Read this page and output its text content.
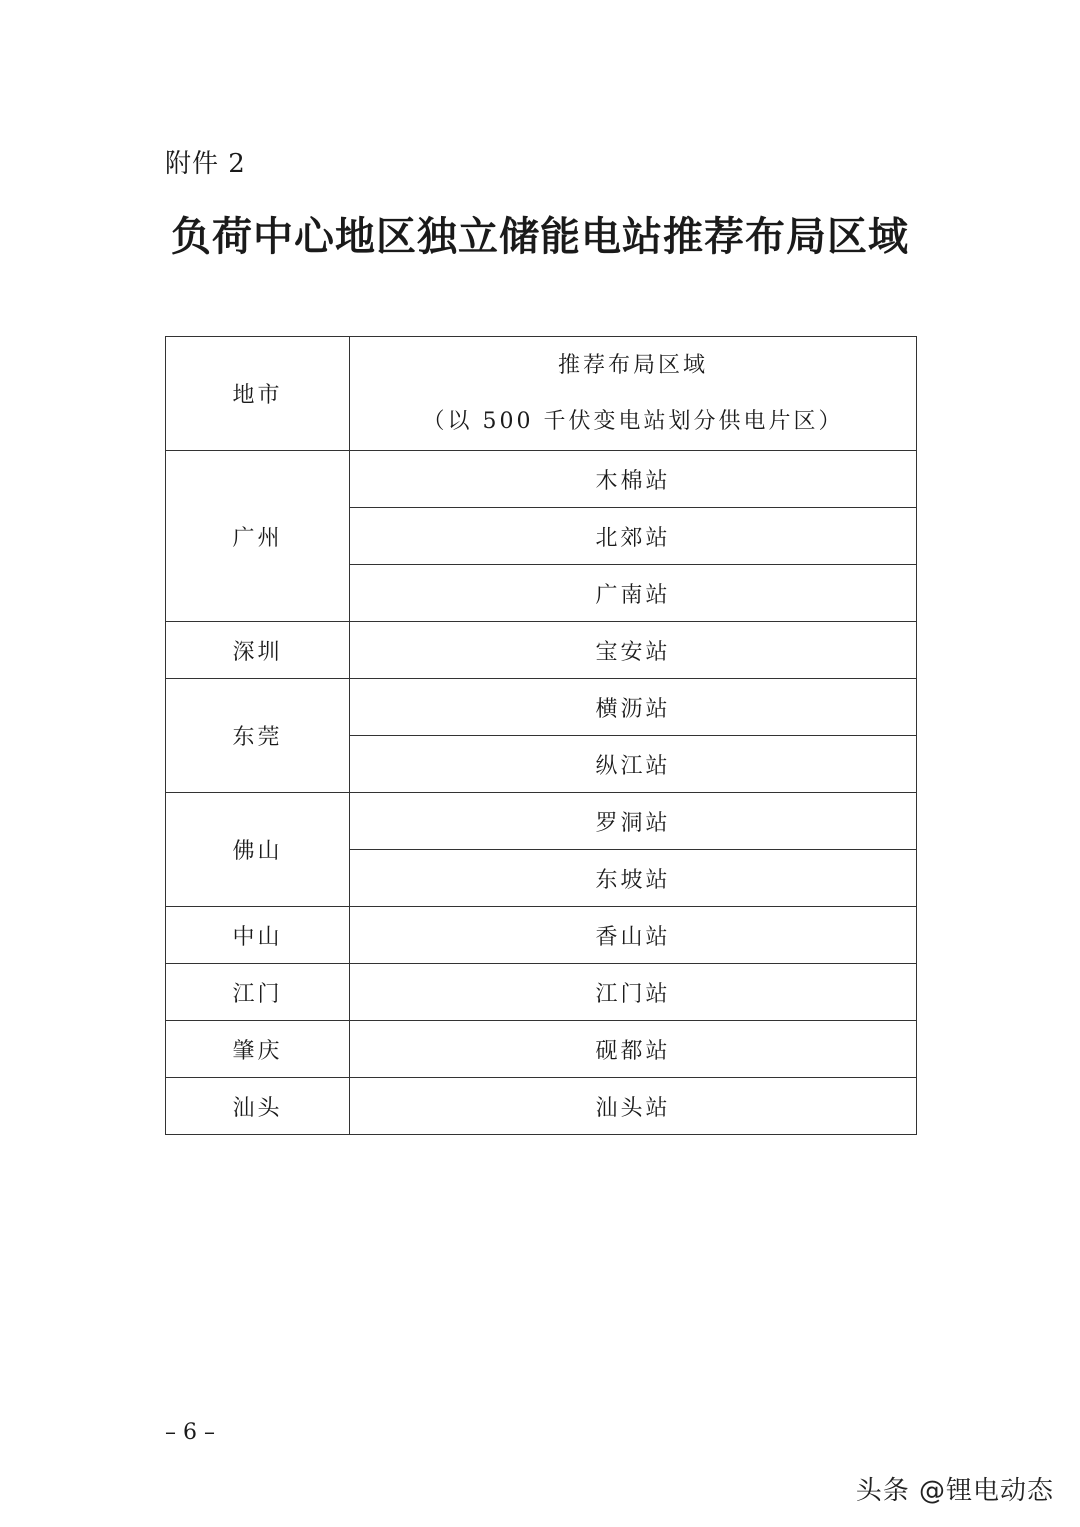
附件 2
负荷中心地区独立储能电站推荐布局区域
地市	推荐布局区域
（以 500 千伏变电站划分供电片区）

广州	木棉站
	北郊站
	广南站
深圳	宝安站
东莞	横沥站
	纵江站
佛山	罗洞站
	东坡站
中山	香山站
江门	江门站
肇庆	砚都站
汕头	汕头站
– 6 –
头条 @锂电动态
